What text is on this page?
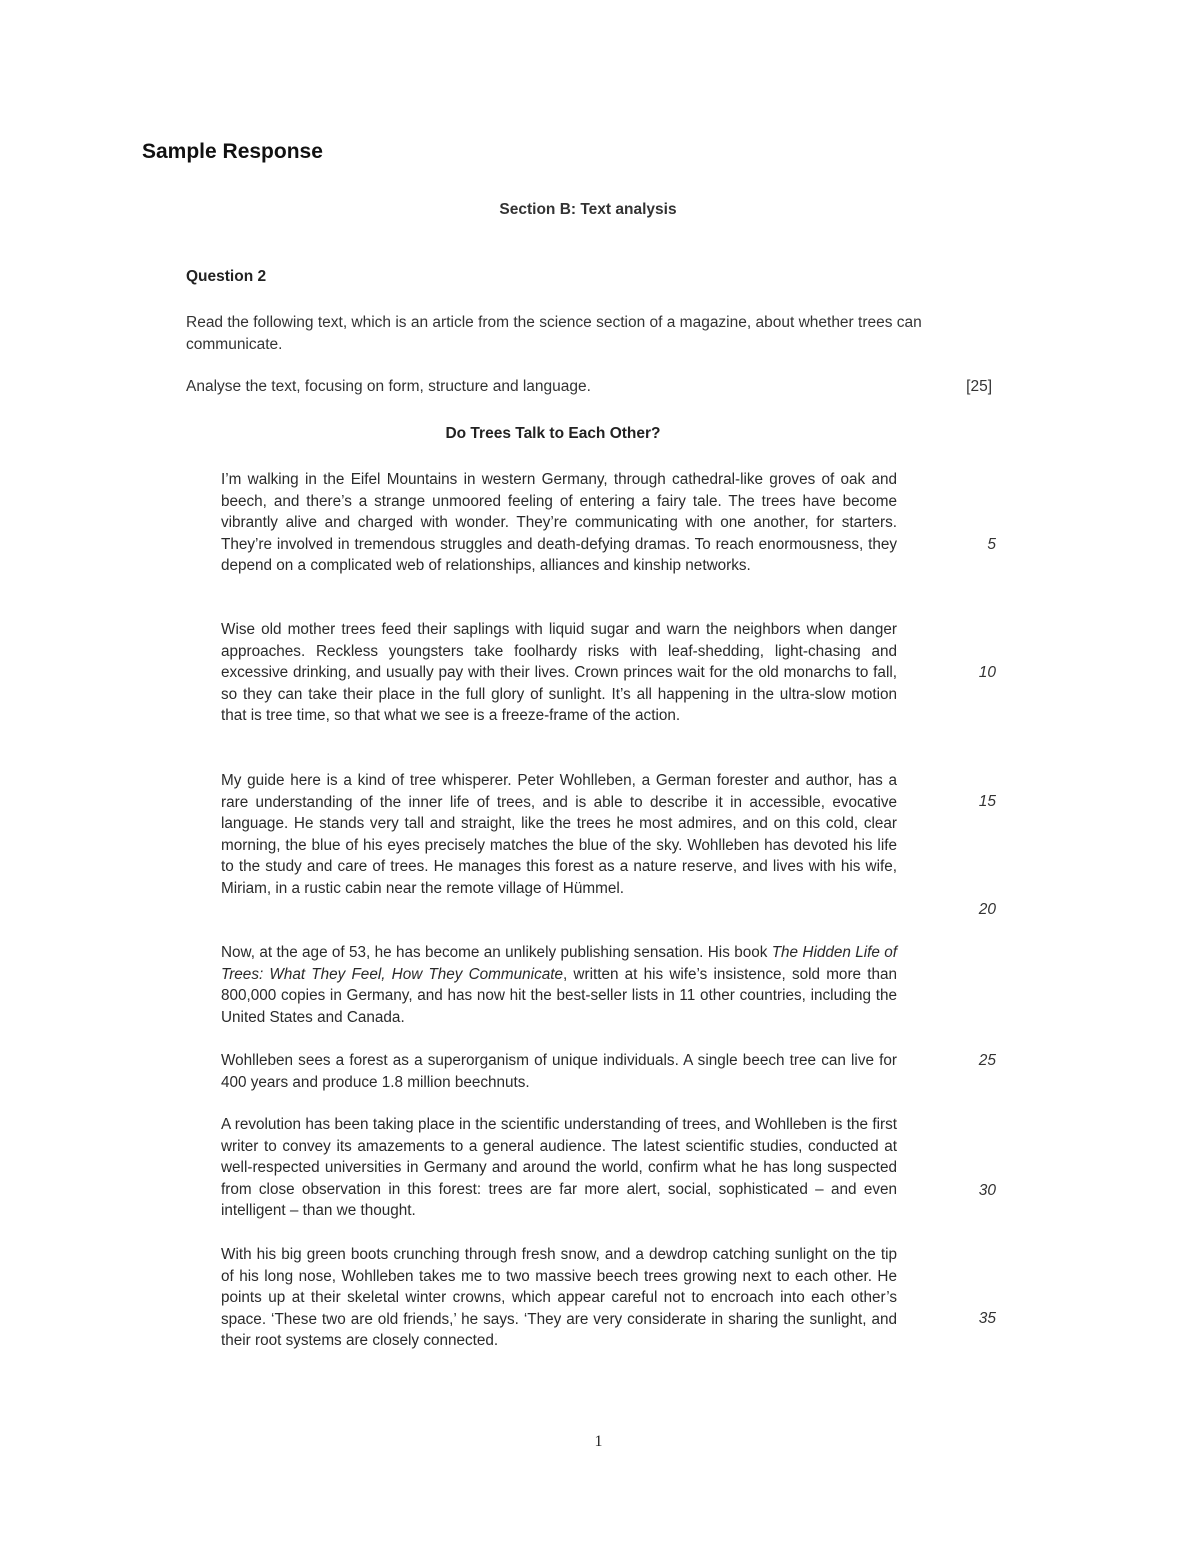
Sample Response
Section B: Text analysis
Question 2
Read the following text, which is an article from the science section of a magazine, about whether trees can communicate.
Analyse the text, focusing on form, structure and language.	[25]
Do Trees Talk to Each Other?

I’m walking in the Eifel Mountains in western Germany, through cathedral-like groves of oak and beech, and there’s a strange unmoored feeling of entering a fairy tale. The trees have become vibrantly alive and charged with wonder. They’re communicating with one another, for starters. They’re involved in tremendous struggles and death-defying dramas. To reach enormousness, they depend on a complicated web of relationships, alliances and kinship networks.

Wise old mother trees feed their saplings with liquid sugar and warn the neighbors when danger approaches. Reckless youngsters take foolhardy risks with leaf-shedding, light-chasing and excessive drinking, and usually pay with their lives. Crown princes wait for the old monarchs to fall, so they can take their place in the full glory of sunlight. It’s all happening in the ultra-slow motion that is tree time, so that what we see is a freeze-frame of the action.

My guide here is a kind of tree whisperer. Peter Wohlleben, a German forester and author, has a rare understanding of the inner life of trees, and is able to describe it in accessible, evocative language. He stands very tall and straight, like the trees he most admires, and on this cold, clear morning, the blue of his eyes precisely matches the blue of the sky. Wohlleben has devoted his life to the study and care of trees. He manages this forest as a nature reserve, and lives with his wife, Miriam, in a rustic cabin near the remote village of Hümmel.

Now, at the age of 53, he has become an unlikely publishing sensation. His book The Hidden Life of Trees: What They Feel, How They Communicate, written at his wife’s insistence, sold more than 800,000 copies in Germany, and has now hit the best-seller lists in 11 other countries, including the United States and Canada.

Wohlleben sees a forest as a superorganism of unique individuals. A single beech tree can live for 400 years and produce 1.8 million beechnuts.

A revolution has been taking place in the scientific understanding of trees, and Wohlleben is the first writer to convey its amazements to a general audience. The latest scientific studies, conducted at well-respected universities in Germany and around the world, confirm what he has long suspected from close observation in this forest: trees are far more alert, social, sophisticated – and even intelligent – than we thought.

With his big green boots crunching through fresh snow, and a dewdrop catching sunlight on the tip of his long nose, Wohlleben takes me to two massive beech trees growing next to each other. He points up at their skeletal winter crowns, which appear careful not to encroach into each other’s space. ‘These two are old friends,’ he says. ‘They are very considerate in sharing the sunlight, and their root systems are closely connected.

5
10
15
20
25
30
35
1
